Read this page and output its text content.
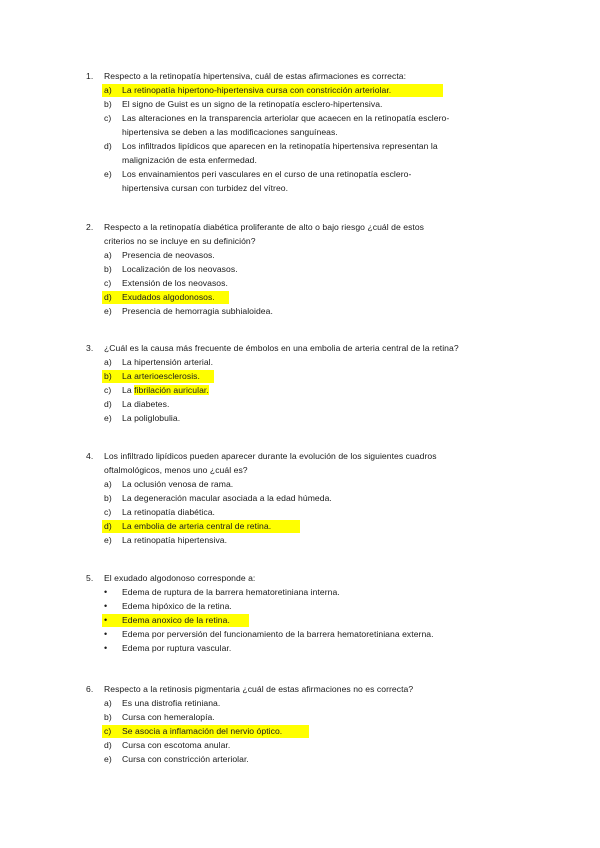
1. Respecto a la retinopatía hipertensiva, cuál de estas afirmaciones es correcta:
a) La retinopatía hipertono-hipertensiva cursa con constricción arteriolar.
b) El signo de Guist es un signo de la retinopatía esclero-hipertensiva.
c) Las alteraciones en la transparencia arteriolar que acaecen en la retinopatía esclero-
hipertensiva se deben a las modificaciones sanguíneas.
d) Los infiltrados lipídicos que aparecen en la retinopatía hipertensiva representan la
malignización de esta enfermedad.
e) Los envainamientos peri vasculares en el curso de una retinopatía esclero-
hipertensiva cursan con turbidez del vítreo.
2. Respecto a la retinopatía diabética proliferante de alto o bajo riesgo ¿cuál de estos
criterios no se incluye en su definición?
a) Presencia de neovasos.
b) Localización de los neovasos.
c) Extensión de los neovasos.
d) Exudados algodonosos.
e) Presencia de hemorragia subhialoidea.
3. ¿Cuál es la causa más frecuente de émbolos en una embolia de arteria central de la retina?
a) La hipertensión arterial.
b) La arterioesclerosis.
c) La fibrilación auricular.
d) La diabetes.
e) La poliglobulia.
4. Los infiltrado lipídicos pueden aparecer durante la evolución de los siguientes cuadros
oftalmológicos, menos uno ¿cuál es?
a) La oclusión venosa de rama.
b) La degeneración macular asociada a la edad húmeda.
c) La retinopatía diabética.
d) La embolia de arteria central de retina.
e) La retinopatía hipertensiva.
5. El exudado algodonoso corresponde a:
• Edema de ruptura de la barrera hematoretiniana interna.
• Edema hipóxico de la retina.
• Edema anoxico de la retina.
• Edema por perversión del funcionamiento de la barrera hematoretiniana externa.
• Edema por ruptura vascular.
6. Respecto a la retinosis pigmentaria ¿cuál de estas afirmaciones no es correcta?
a) Es una distrofia retiniana.
b) Cursa con hemeralopía.
c) Se asocia a inflamación del nervio óptico.
d) Cursa con escotoma anular.
e) Cursa con constricción arteriolar.
